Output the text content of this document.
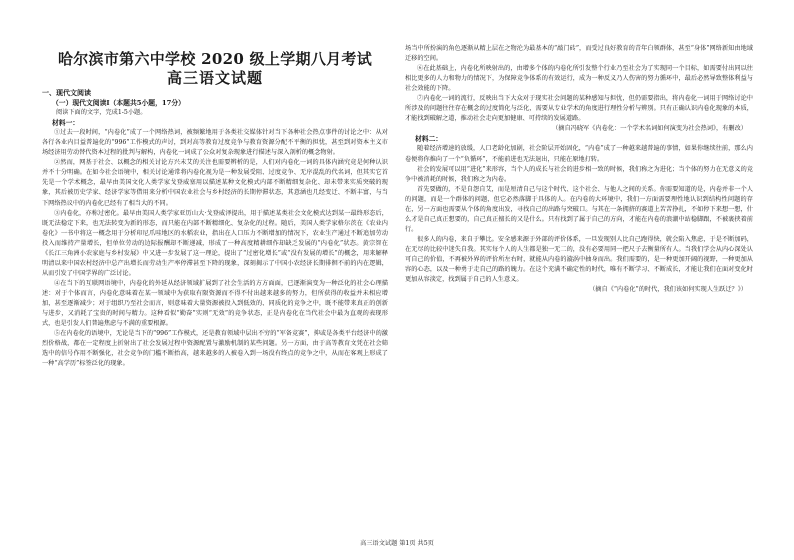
哈尔滨市第六中学校 2020 级上学期八月考试
高三语文试题
一、现代文阅读
（一）现代文阅读Ⅰ（本题共5小题，17分）
阅读下面的文字，完成1-5小题。
材料一：

①过去一段时间，“内卷化”成了一个网络热词，被频繁地用于各类社交媒体针对当下各种社会热点事件的讨论之中：从对各行各业内目益普遍化的“996”工作模式的声讨，到对高等教育过度竞争与教育资源分配不平衡的担忧，甚至到对资本主义市场经济用劳动替代资本过程的批判与解构，内卷化一词成了公众对复杂现象进行描述与深入剖析的概念物射。

②然而，网基于社会、以概念的相关讨论方兴未艾的关注也需要辨析的是，人们对内卷化一词的具体内涵究竟是何种认识并不十分明确。在如今社会语境中，相关讨论通常将内卷化视为是一种发展受阻、过度竞争、无序混乱的代名词，但其实它首先是一个学术概念，最早由美国文化人类学家戈登威塞用以描述某种文化模式内部不断精细复杂化、却未带来实质突破的现象，其后被历史学家、经济学家等借用来分析中国农业社会与乡村经济的长期停滞状态，其意涵也几经变迁、不断丰富，与当下网络热议中的内卷化已经有了相当大的不同。

③内卷化，亦称过密化。最早由美国人类学家亚历山大·戈登威泽提出，用于描述某类社会文化模式达到某一最终形态后，既无法稳定下来，也无法转变为新的形态，而只能在内部不断精细化、复杂化的过程。随后，美国人类学家格尔茨在《农业内卷化》一书中将这一概念用于分析印尼爪哇地区的水稻农业，指出在人口压力不断增加的情况下，农业生产通过不断追加劳动投入而维持产量增长，但单位劳动的边际报酬却不断递减，形成了一种高度精耕细作却缺乏发展的“内卷化”状态。黄宗智在《长江三角洲小农家庭与乡村发展》中又进一步发展了这一理论，提出了“过密化增长”或“没有发展的增长”的概念，用来解释明清以来中国农村经济中总产出增长而劳动生产率停滞甚至下降的现象，深刻揭示了中国小农经济长期徘徊不前的内在逻辑，从而引发了中国学界的广泛讨论。

④在当下的互联网语境中，内卷化的外延从经济领域扩展到了社会生活的方方面面，已逐渐演变为一种泛化的社会心理描述：对于个体而言，内卷化意味着在某一领域中为获取有限资源而不得不付出越来越多的努力，但所获得的收益并未相应增加，甚至逐渐减少；对于组织乃至社会而言，则意味着大量资源被投入到低效的、同质化的竞争之中，既不能带来真正的创新与进步，又消耗了宝贵的时间与精力。这种看似“勤奋”实则“无效”的竞争状态，正是内卷化在当代社会中最为直观的表现形式，也是引发人们普遍焦虑与不满的重要根源。

⑤在内卷化的语境中，无论是当下的“996”工作模式，还是教育领域中层出不穷的“军备竞赛”，抑或是各类平台经济中的激烈价格战，都在一定程度上折射出了社会发展过程中资源配置与激励机制的某些问题。另一方面，由于高等教育文凭在社会筛选中的信号作用不断强化，社会竞争的门槛不断抬高，越来越多的人被卷入到一场没有终点的竞争之中，从而在客观上形成了一种“高学历”标签泛化的现象。

场当中所扮演的角色逐渐从精上层在之物沦为最基本的“敲门砖”，而受过良好教育的青年白领群体，甚至“身体”网络新知由地域迁移的空间。

⑥在此基础上，内卷化所映射出的，由增多个体的内卷化所引发整个行业乃至社会为了实现同一个目标，如需要付出同以往相比更多的人力和物力的情况下，为保障竞争体系的有效运行，成为一种反义乃人伤害的努力循环中，最后必然导致整体利益与社会效能的下降。

⑦内卷化一词的流行，反映出当下大众对于现实社会问题的某种感知与担忧，但仍需要指出，将内卷化一词用于网络讨论中所涉及的问题往往存在概念的过度简化与泛化，需要从专业学术的角度进行理性分析与辨别。只有正确认识内卷化现象的本质，才能找到破解之道，推动社会走向更加健康、可持续的发展道路。

（摘自冯晓军《内卷化：一个学术名词如何演变为社会热词》，有删改）
材料二：

随着经济增速的放缓，人口老龄化加剧，社会阶层开始固化，“内卷”成了一种越来越普遍的事情，如果你继续往前，那么内卷便将你推向了一个“负循环”，不能前进也无法退出，只能在原地打转。

社会的发展可以用“进化”来形容，当个人的成长与社会的进步相一致的时候，我们称之为进化；当个体的努力在无意义的竞争中被消耗的时候，我们称之为内卷。

首先要做的，不是自怨自艾，而是厘清自己与这个时代、这个社会、与他人之间的关系。你需要知道的是，内卷并非一个人的问题，而是一个群体的问题，但它必然落脚于具体的人。在内卷的大环境中，我们一方面需要理性地认识到结构性问题的存在，另一方面也需要从个体的角度出发，寻找自己的出路与突破口。与其在一条拥挤的赛道上苦苦挣扎，不如停下来想一想，什么才是自己真正想要的，自己真正擅长的又是什么。只有找到了属于自己的方向，才能在内卷的浪潮中站稳脚跟，不被裹挟着前行。

很多人的内卷，来自于攀比。安全感来源于外部的评价体系，一旦发现别人比自己跑得快，就会陷入焦虑，于是不断加码，在无尽的比较中迷失自我。其实每个人的人生都是独一无二的，没有必要用同一把尺子去衡量所有人。当我们学会从内心深处认可自己的价值，不再被外界的评价所左右时，就能从内卷的漩涡中抽身而出。我们需要的，是一种更加开阔的视野，一种更加从容的心态，以及一种勇于走自己的路的魄力。在这个充满不确定性的时代，唯有不断学习、不断成长，才能让我们在面对变化时更加从容淡定，找到属于自己的人生意义。

（摘自《“内卷化”的时代，我们该如何实现人生跃迁？》）
高三语文试题 第1页 共5页
